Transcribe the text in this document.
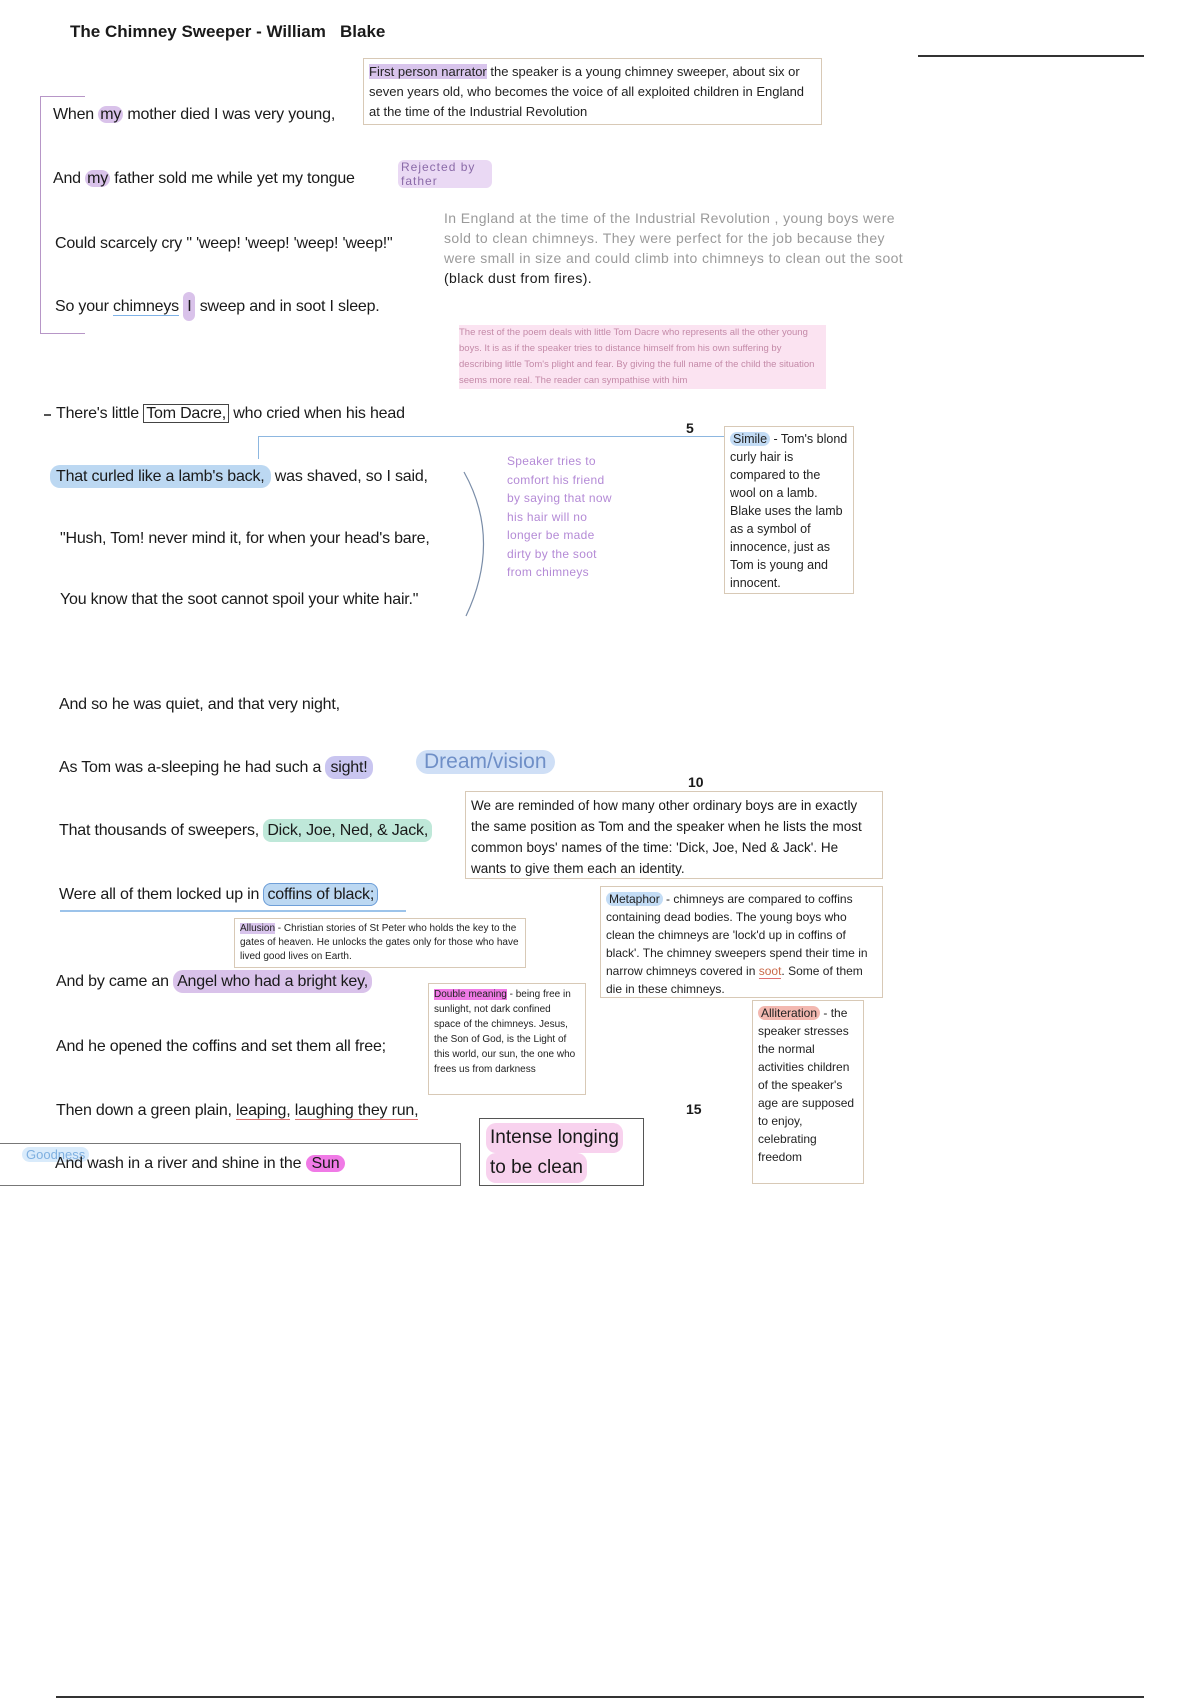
The Chimney Sweeper - William   Blake
First person narrator the speaker is a young chimney sweeper, about six or seven years old, who becomes the voice of all exploited children in England at the time of the Industrial Revolution
When my mother died I was very young,
And my father sold me while yet my tongue
Rejected by father
Could scarcely cry " 'weep! 'weep! 'weep! 'weep!"
So your chimneys I sweep and in soot I sleep.
In England at the time of the Industrial Revolution , young boys were sold to clean chimneys. They were perfect for the job because they were small in size and could climb into chimneys to clean out the soot (black dust from fires).
The rest of the poem deals with little Tom Dacre who represents all the other young boys. It is as if the speaker tries to distance himself from his own suffering by describing little Tom's plight and fear. By giving the full name of the child the situation seems more real. The reader can sympathise with him
There's little Tom Dacre, who cried when his head
5
That curled like a lamb's back, was shaved, so I said,
"Hush, Tom! never mind it, for when your head's bare,
You know that the soot cannot spoil your white hair."
Speaker tries to comfort his friend by saying that now his hair will no longer be made dirty by the soot from chimneys
Simile - Tom's blond curly hair is compared to the wool on a lamb. Blake uses the lamb as a symbol of innocence, just as Tom is young and innocent.
And so he was quiet, and that very night,
As Tom was a-sleeping he had such a sight!	Dream/vision
10
We are reminded of how many other ordinary boys are in exactly the same position as Tom and the speaker when he lists the most common boys' names of the time: 'Dick, Joe, Ned & Jack'. He wants to give them each an identity.
That thousands of sweepers, Dick, Joe, Ned, & Jack,
Were all of them locked up in coffins of black;
Allusion - Christian stories of St Peter who holds the key to the gates of heaven. He unlocks the gates only for those who have lived good lives on Earth.
Metaphor - chimneys are compared to coffins containing dead bodies. The young boys who clean the chimneys are 'lock'd up in coffins of black'. The chimney sweepers spend their time in narrow chimneys covered in soot. Some of them die in these chimneys.
And by came an Angel who had a bright key,
Double meaning - being free in sunlight, not dark confined space of the chimneys. Jesus, the Son of God, is the Light of this world, our sun, the one who frees us from darkness
Alliteration - the speaker stresses the normal activities children of the speaker's age are supposed to enjoy, celebrating freedom
And he opened the coffins and set them all free;
Then down a green plain, leaping, laughing they run,	15
Intense longing
to be clean
Goodness
And wash in a river and shine in the Sun
